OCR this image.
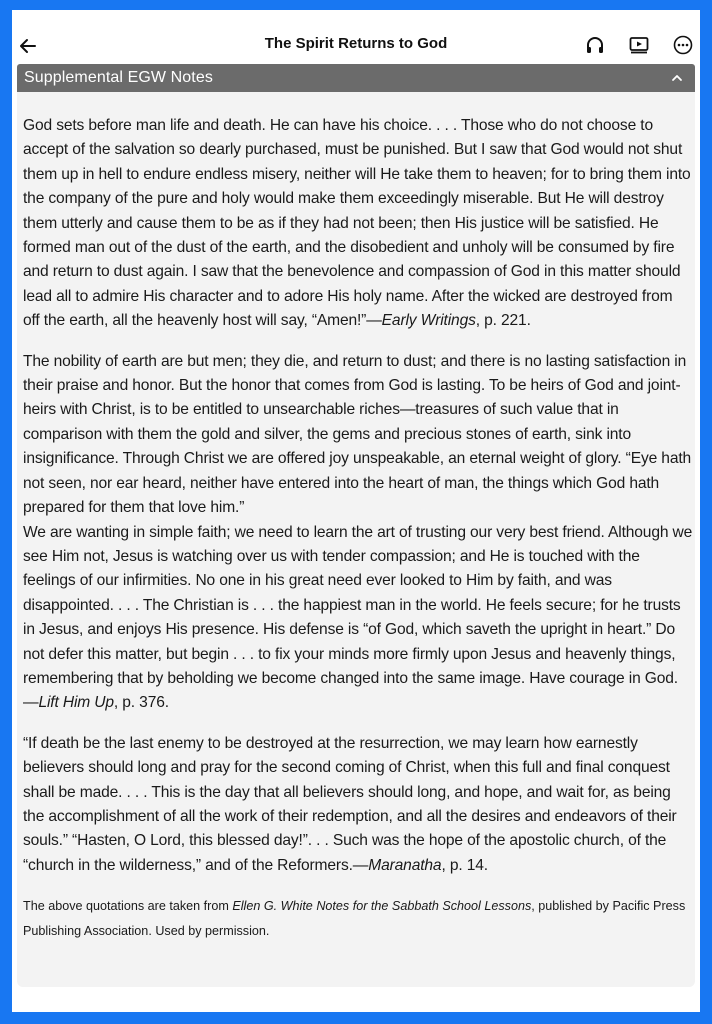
The Spirit Returns to God
Supplemental EGW Notes

God sets before man life and death. He can have his choice. . . . Those who do not choose to accept of the salvation so dearly purchased, must be punished. But I saw that God would not shut them up in hell to endure endless misery, neither will He take them to heaven; for to bring them into the company of the pure and holy would make them exceedingly miserable. But He will destroy them utterly and cause them to be as if they had not been; then His justice will be satisfied. He formed man out of the dust of the earth, and the disobedient and unholy will be consumed by fire and return to dust again. I saw that the benevolence and compassion of God in this matter should lead all to admire His character and to adore His holy name. After the wicked are destroyed from off the earth, all the heavenly host will say, “Amen!”—Early Writings, p. 221.

The nobility of earth are but men; they die, and return to dust; and there is no lasting satisfaction in their praise and honor. But the honor that comes from God is lasting. To be heirs of God and joint-heirs with Christ, is to be entitled to unsearchable riches—treasures of such value that in comparison with them the gold and silver, the gems and precious stones of earth, sink into insignificance. Through Christ we are offered joy unspeakable, an eternal weight of glory. “Eye hath not seen, nor ear heard, neither have entered into the heart of man, the things which God hath prepared for them that love him.”

We are wanting in simple faith; we need to learn the art of trusting our very best friend. Although we see Him not, Jesus is watching over us with tender compassion; and He is touched with the feelings of our infirmities. No one in his great need ever looked to Him by faith, and was disappointed. . . . The Christian is . . . the happiest man in the world. He feels secure; for he trusts in Jesus, and enjoys His presence. His defense is “of God, which saveth the upright in heart.” Do not defer this matter, but begin . . . to fix your minds more firmly upon Jesus and heavenly things, remembering that by beholding we become changed into the same image. Have courage in God.—Lift Him Up, p. 376.

“If death be the last enemy to be destroyed at the resurrection, we may learn how earnestly believers should long and pray for the second coming of Christ, when this full and final conquest shall be made. . . . This is the day that all believers should long, and hope, and wait for, as being the accomplishment of all the work of their redemption, and all the desires and endeavors of their souls.” “Hasten, O Lord, this blessed day!”. . . Such was the hope of the apostolic church, of the “church in the wilderness,” and of the Reformers.—Maranatha, p. 14.

The above quotations are taken from Ellen G. White Notes for the Sabbath School Lessons, published by Pacific Press Publishing Association. Used by permission.
